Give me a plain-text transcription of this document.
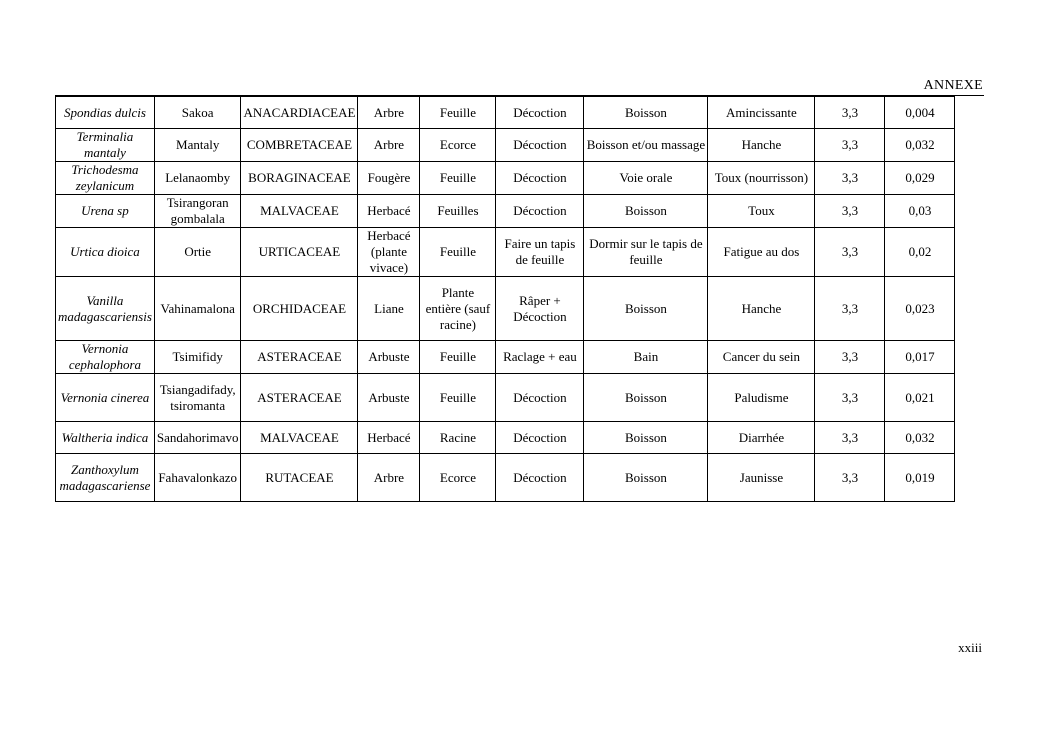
ANNEXE
Spondias dulcis	Sakoa	ANACARDIACEAE	Arbre	Feuille	Décoction	Boisson	Amincissante	3,3	0,004
Terminalia mantaly	Mantaly	COMBRETACEAE	Arbre	Ecorce	Décoction	Boisson et/ou massage	Hanche	3,3	0,032
Trichodesma zeylanicum	Lelanaomby	BORAGINACEAE	Fougère	Feuille	Décoction	Voie orale	Toux (nourrisson)	3,3	0,029
Urena sp	Tsirangoran gombalala	MALVACEAE	Herbacé	Feuilles	Décoction	Boisson	Toux	3,3	0,03
Urtica dioica	Ortie	URTICACEAE	Herbacé (plante vivace)	Feuille	Faire un tapis de feuille	Dormir sur le tapis de feuille	Fatigue au dos	3,3	0,02
Vanilla madagascariensis	Vahinamalona	ORCHIDACEAE	Liane	Plante entière (sauf racine)	Râper + Décoction	Boisson	Hanche	3,3	0,023
Vernonia cephalophora	Tsimifidy	ASTERACEAE	Arbuste	Feuille	Raclage + eau	Bain	Cancer du sein	3,3	0,017
Vernonia cinerea	Tsiangadifady, tsiromanta	ASTERACEAE	Arbuste	Feuille	Décoction	Boisson	Paludisme	3,3	0,021
Waltheria indica	Sandahorimavo	MALVACEAE	Herbacé	Racine	Décoction	Boisson	Diarrhée	3,3	0,032
Zanthoxylum madagascariense	Fahavalonkazo	RUTACEAE	Arbre	Ecorce	Décoction	Boisson	Jaunisse	3,3	0,019
xxiii
